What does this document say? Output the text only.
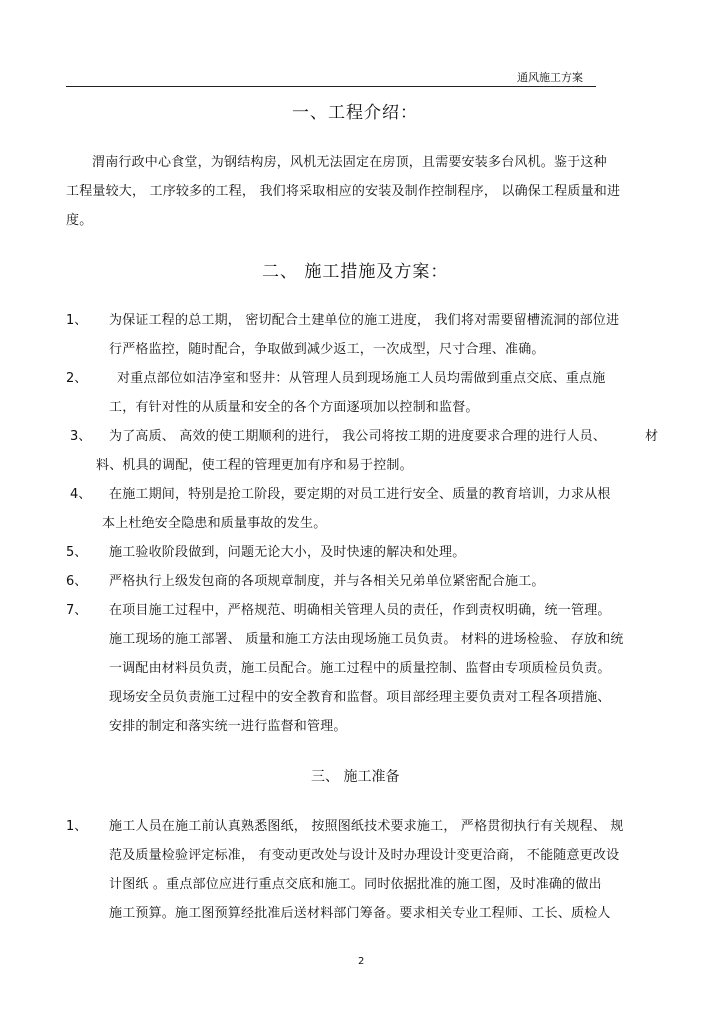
通风施工方案
一、工程介绍：
渭南行政中心食堂，为钢结构房，风机无法固定在房顶，且需要安装多台风机。鉴于这种
工程量较大， 工序较多的工程， 我们将采取相应的安装及制作控制程序， 以确保工程质量和进
度。
二、 施工措施及方案：
1、 为保证工程的总工期， 密切配合土建单位的施工进度， 我们将对需要留槽流洞的部位进
行严格监控，随时配合，争取做到减少返工，一次成型，尺寸合理、准确。
2、 对重点部位如洁净室和竖井：从管理人员到现场施工人员均需做到重点交底、重点施
工，有针对性的从质量和安全的各个方面逐项加以控制和监督。
3、 为了高质、 高效的使工期顺利的进行， 我公司将按工期的进度要求合理的进行人员、	材
料、机具的调配，使工程的管理更加有序和易于控制。
4、 在施工期间，特别是抢工阶段，要定期的对员工进行安全、质量的教育培训，力求从根
本上杜绝安全隐患和质量事故的发生。
5、 施工验收阶段做到，问题无论大小，及时快速的解决和处理。
6、 严格执行上级发包商的各项规章制度，并与各相关兄弟单位紧密配合施工。
7、 在项目施工过程中，严格规范、明确相关管理人员的责任，作到责权明确，统一管理。
施工现场的施工部署、 质量和施工方法由现场施工员负责。 材料的进场检验、 存放和统
一调配由材料员负责，施工员配合。施工过程中的质量控制、监督由专项质检员负责。
现场安全员负责施工过程中的安全教育和监督。项目部经理主要负责对工程各项措施、
安排的制定和落实统一进行监督和管理。
三、 施工准备
1、 施工人员在施工前认真熟悉图纸， 按照图纸技术要求施工， 严格贯彻执行有关规程、 规
范及质量检验评定标准， 有变动更改处与设计及时办理设计变更洽商， 不能随意更改设
计图纸 。重点部位应进行重点交底和施工。同时依据批准的施工图，及时准确的做出
施工预算。施工图预算经批准后送材料部门筹备。要求相关专业工程师、工长、质检人
2
